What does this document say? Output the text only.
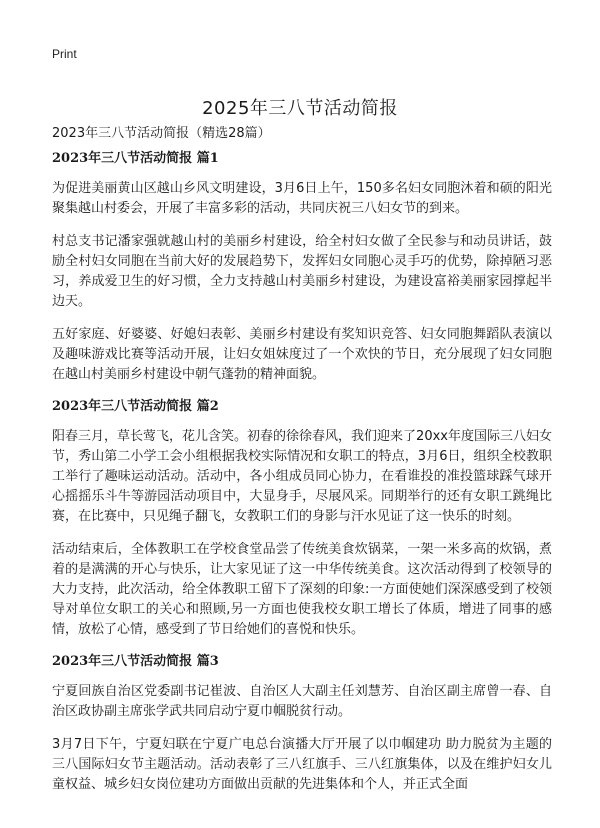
Print
2025年三八节活动简报
2023年三八节活动简报（精选28篇）
2023年三八节活动简报 篇1

为促进美丽黄山区越山乡风文明建设，3月6日上午，150多名妇女同胞沐着和硕的阳光聚集越山村委会，开展了丰富多彩的活动，共同庆祝三八妇女节的到来。

村总支书记潘家强就越山村的美丽乡村建设，给全村妇女做了全民参与和动员讲话，鼓励全村妇女同胞在当前大好的发展趋势下，发挥妇女同胞心灵手巧的优势，除掉陋习恶习，养成爱卫生的好习惯，全力支持越山村美丽乡村建设，为建设富裕美丽家园撑起半边天。

五好家庭、好婆婆、好媳妇表彰、美丽乡村建设有奖知识竞答、妇女同胞舞蹈队表演以及趣味游戏比赛等活动开展，让妇女姐妹度过了一个欢快的节日，充分展现了妇女同胞在越山村美丽乡村建设中朝气蓬勃的精神面貌。

2023年三八节活动简报 篇2

阳春三月，草长莺飞，花儿含笑。初春的徐徐春风，我们迎来了20xx年度国际三八妇女节，秀山第二小学工会小组根据我校实际情况和女职工的特点，3月6日，组织全校教职工举行了趣味运动活动。活动中，各小组成员同心协力，在看谁投的准投篮球踩气球开心摇摇乐斗牛等游园活动项目中，大显身手，尽展风采。同期举行的还有女职工跳绳比赛，在比赛中，只见绳子翻飞，女教职工们的身影与汗水见证了这一快乐的时刻。

活动结束后，全体教职工在学校食堂品尝了传统美食炊锅菜，一架一米多高的炊锅，煮着的是满满的开心与快乐，让大家见证了这一中华传统美食。这次活动得到了校领导的大力支持，此次活动，给全体教职工留下了深刻的印象:一方面使她们深深感受到了校领导对单位女职工的关心和照顾,另一方面也使我校女职工增长了体质，增进了同事的感情，放松了心情，感受到了节日给她们的喜悦和快乐。

2023年三八节活动简报 篇3

宁夏回族自治区党委副书记崔波、自治区人大副主任刘慧芳、自治区副主席曾一春、自治区政协副主席张学武共同启动宁夏巾帼脱贫行动。

3月7日下午，宁夏妇联在宁夏广电总台演播大厅开展了以巾帼建功 助力脱贫为主题的三八国际妇女节主题活动。活动表彰了三八红旗手、三八红旗集体，以及在维护妇女儿童权益、城乡妇女岗位建功方面做出贡献的先进集体和个人，并正式全面
